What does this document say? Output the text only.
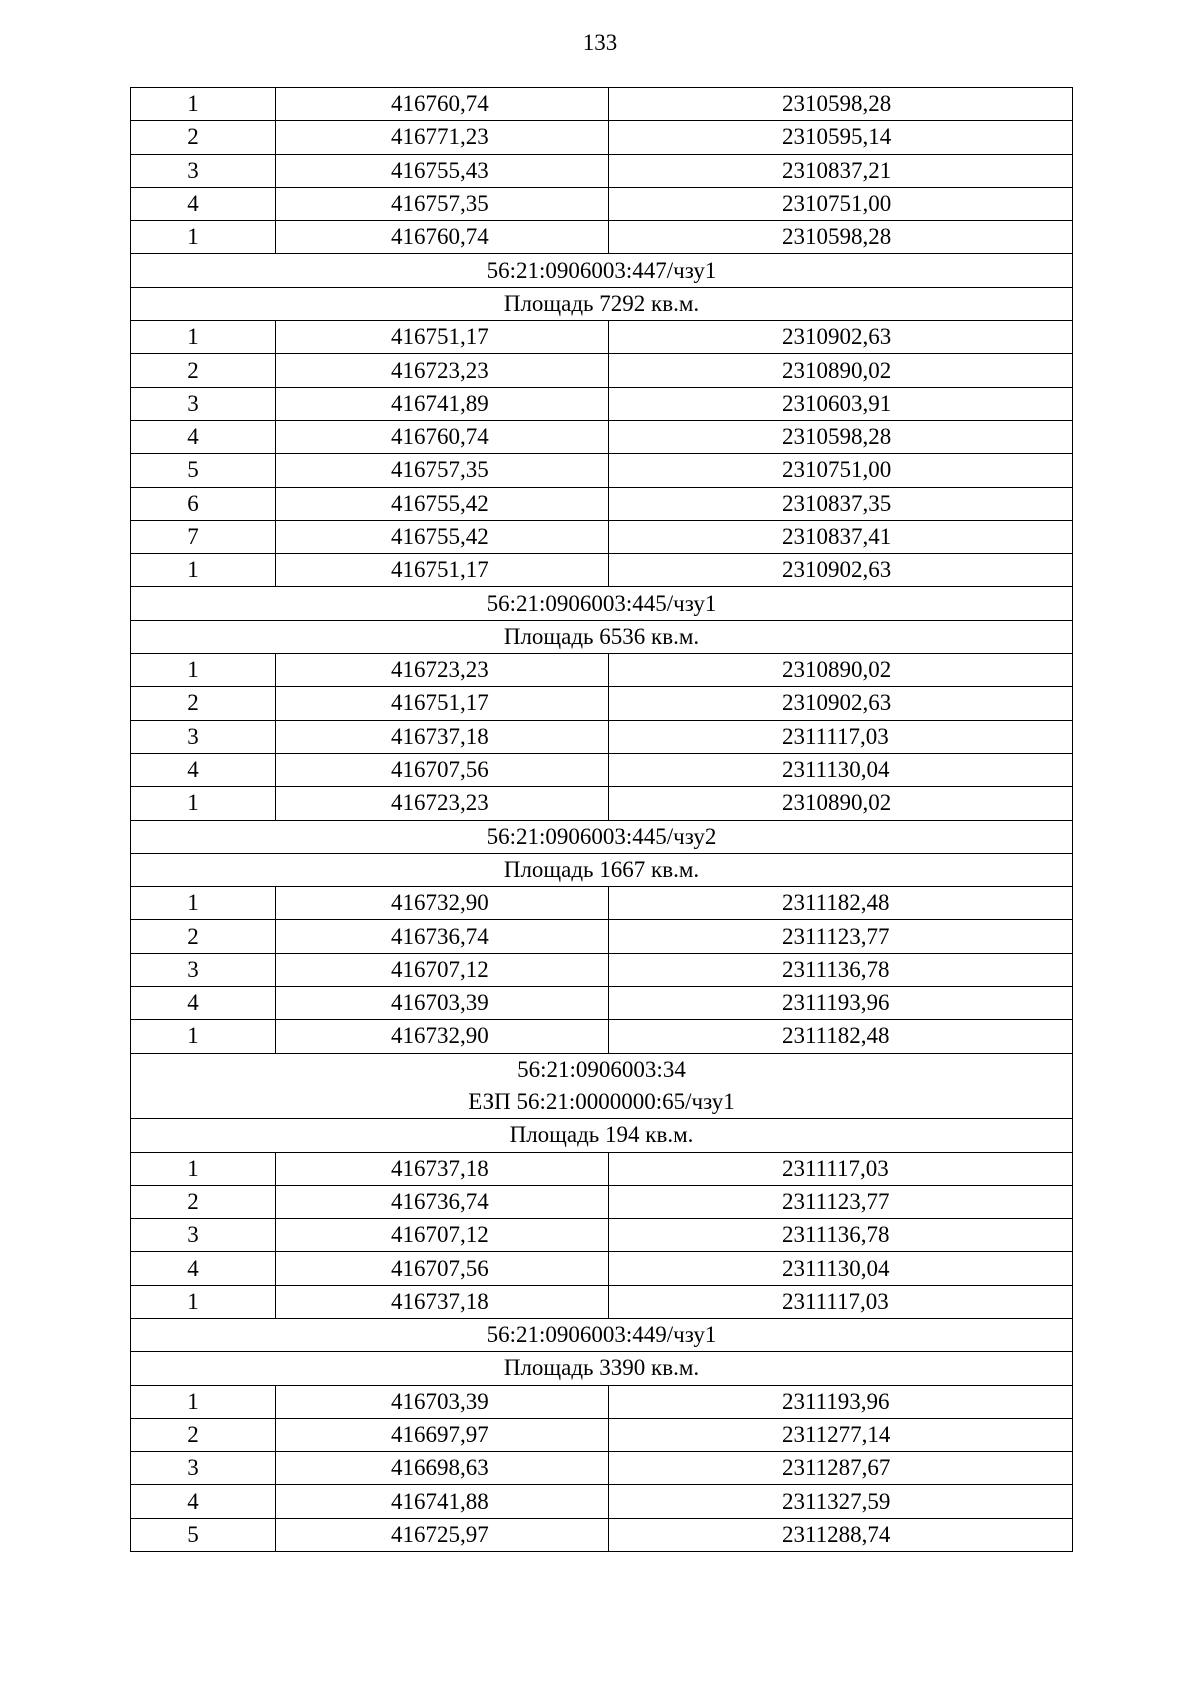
133
1	416760,74	2310598,28
2	416771,23	2310595,14
3	416755,43	2310837,21
4	416757,35	2310751,00
1	416760,74	2310598,28

56:21:0906003:447/чзу1		

Площадь 7292 кв.м.		

1	416751,17	2310902,63
2	416723,23	2310890,02
3	416741,89	2310603,91
4	416760,74	2310598,28
5	416757,35	2310751,00
6	416755,42	2310837,35
7	416755,42	2310837,41
1	416751,17	2310902,63

56:21:0906003:445/чзу1		

Площадь 6536 кв.м.		

1	416723,23	2310890,02
2	416751,17	2310902,63
3	416737,18	2311117,03
4	416707,56	2311130,04
1	416723,23	2310890,02

56:21:0906003:445/чзу2		

Площадь 1667 кв.м.		

1	416732,90	2311182,48
2	416736,74	2311123,77
3	416707,12	2311136,78
4	416703,39	2311193,96
1	416732,90	2311182,48

56:21:0906003:34
ЕЗП 56:21:0000000:65/чзу1		

Площадь 194 кв.м.		

1	416737,18	2311117,03
2	416736,74	2311123,77
3	416707,12	2311136,78
4	416707,56	2311130,04
1	416737,18	2311117,03

56:21:0906003:449/чзу1		

Площадь 3390 кв.м.		

1	416703,39	2311193,96
2	416697,97	2311277,14
3	416698,63	2311287,67
4	416741,88	2311327,59
5	416725,97	2311288,74
